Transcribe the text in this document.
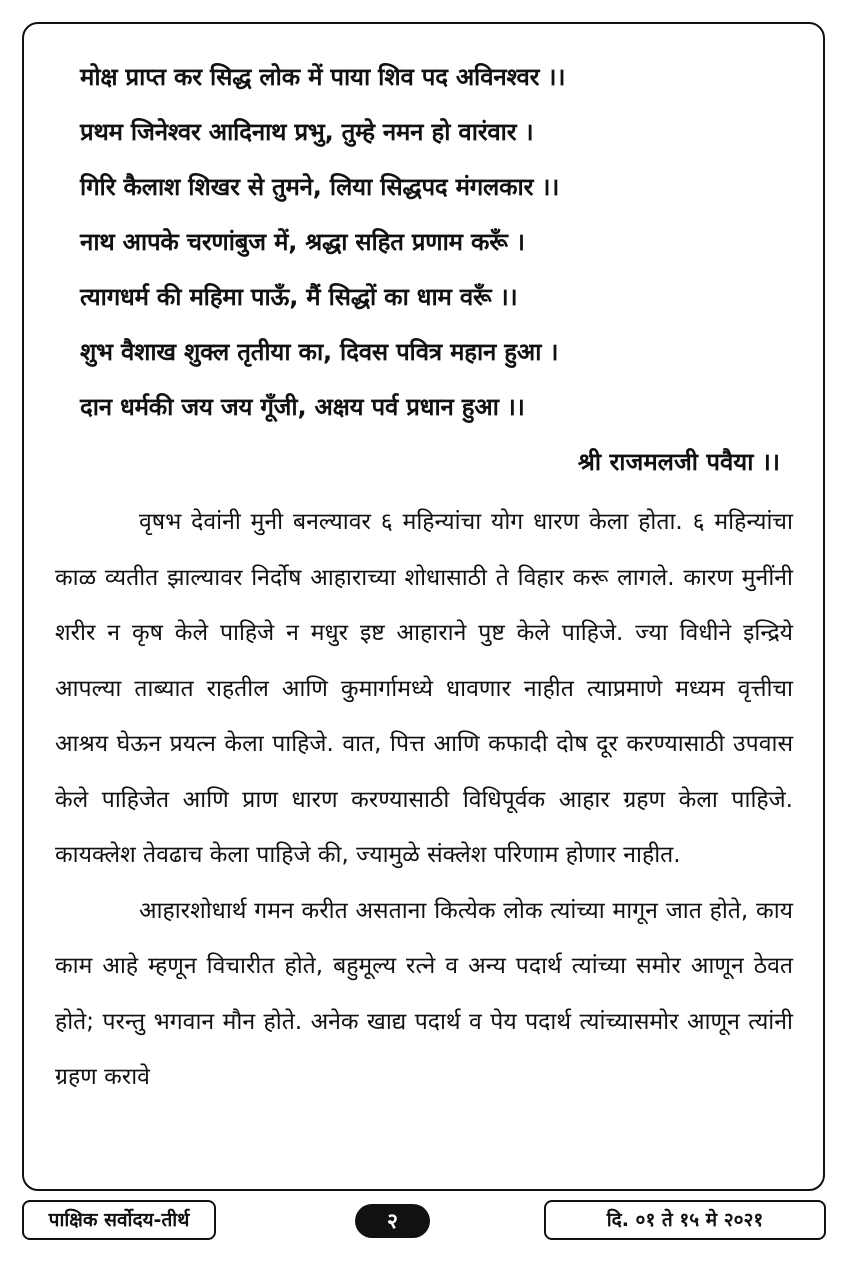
मोक्ष प्राप्त कर सिद्ध लोक में पाया शिव पद अविनश्वर ।।
प्रथम जिनेश्वर आदिनाथ प्रभु, तुम्हे नमन हो वारंवार ।
गिरि कैलाश शिखर से तुमने, लिया सिद्धपद मंगलकार ।।
नाथ आपके चरणांबुज में, श्रद्धा सहित प्रणाम करूँ ।
त्यागधर्म की महिमा पाऊँ, मैं सिद्धों का धाम वरूँ ।।
शुभ वैशाख शुक्ल तृतीया का, दिवस पवित्र महान हुआ ।
दान धर्मकी जय जय गूँजी, अक्षय पर्व प्रधान हुआ ।।
श्री राजमलजी पवैया ।।

वृषभ देवांनी मुनी बनल्यावर ६ महिन्यांचा योग धारण केला होता. ६ महिन्यांचा काळ व्यतीत झाल्यावर निर्दोष आहाराच्या शोधासाठी ते विहार करू लागले. कारण मुनींनी शरीर न कृष केले पाहिजे न मधुर इष्ट आहाराने पुष्ट केले पाहिजे. ज्या विधीने इन्द्रिये आपल्या ताब्यात राहतील आणि कुमार्गामध्ये धावणार नाहीत त्याप्रमाणे मध्यम वृत्तीचा आश्रय घेऊन प्रयत्न केला पाहिजे. वात, पित्त आणि कफादी दोष दूर करण्यासाठी उपवास केले पाहिजेत आणि प्राण धारण करण्यासाठी विधिपूर्वक आहार ग्रहण केला पाहिजे. कायक्लेश तेवढाच केला पाहिजे की, ज्यामुळे संक्लेश परिणाम होणार नाहीत.

आहारशोधार्थ गमन करीत असताना कित्येक लोक त्यांच्या मागून जात होते, काय काम आहे म्हणून विचारीत होते, बहुमूल्य रत्ने व अन्य पदार्थ त्यांच्या समोर आणून ठेवत होते; परन्तु भगवान मौन होते. अनेक खाद्य पदार्थ व पेय पदार्थ त्यांच्यासमोर आणून त्यांनी ग्रहण करावे

पाक्षिक सर्वोदय-तीर्थ	२	दि. ०१ ते १५ मे २०२१
